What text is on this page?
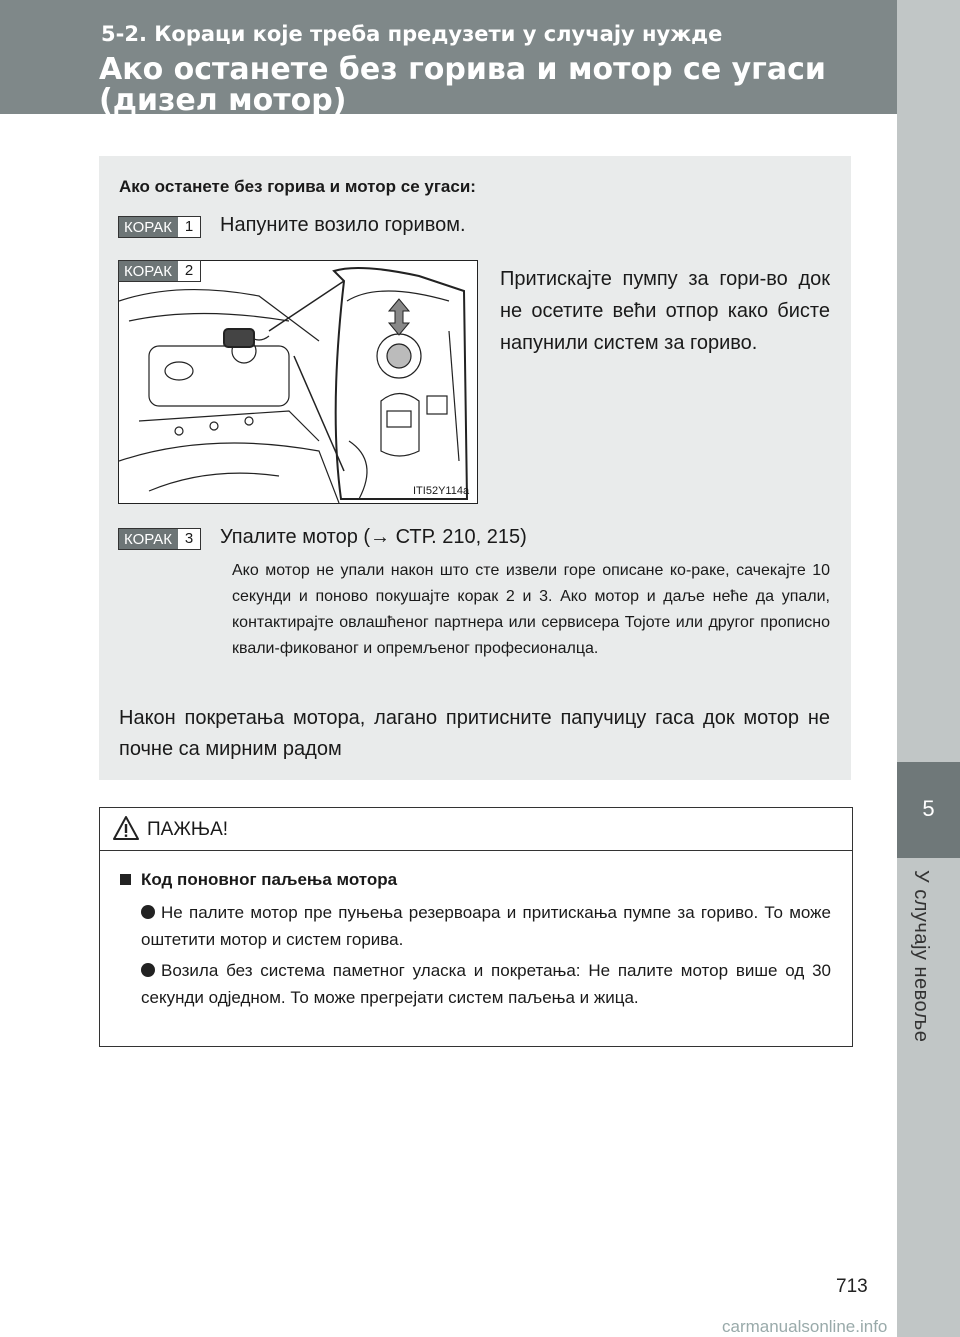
5-2. Кораци које треба предузети у случају нужде
Ако останете без горива и мотор се угаси
(дизел мотор)
5
У случају невоље
Ако останете без горива и мотор се угаси:
КОРАК 1	Напуните возило горивом.
КОРАК 2
ITI52Y114a
Притискајте пумпу за гори-во док не осетите већи отпор како бисте напунили систем за гориво.
КОРАК 3	Упалите мотор (→ СТР. 210, 215)
Ако мотор не упали након што сте извели горе описане ко-раке, сачекајте 10 секунди и поново покушајте корак 2 и 3. Ако мотор и даље неће да упали, контактирајте овлашћеног партнера или сервисера Тојоте или другог прописно квали-фикованог и опремљеног професионалца.
Након покретања мотора, лагано притисните папучицу гаса док мотор не почне са мирним радом
ПАЖЊА!
Код поновног паљења мотора
Не палите мотор пре пуњења резервоара и притискања пумпе за гориво. То може оштетити мотор и систем горива.
Возила без система паметног уласка и покретања: Не палите мотор више од 30 секунди одједном. То може прегрејати систем паљења и жица.
713
carmanualsonline.info
